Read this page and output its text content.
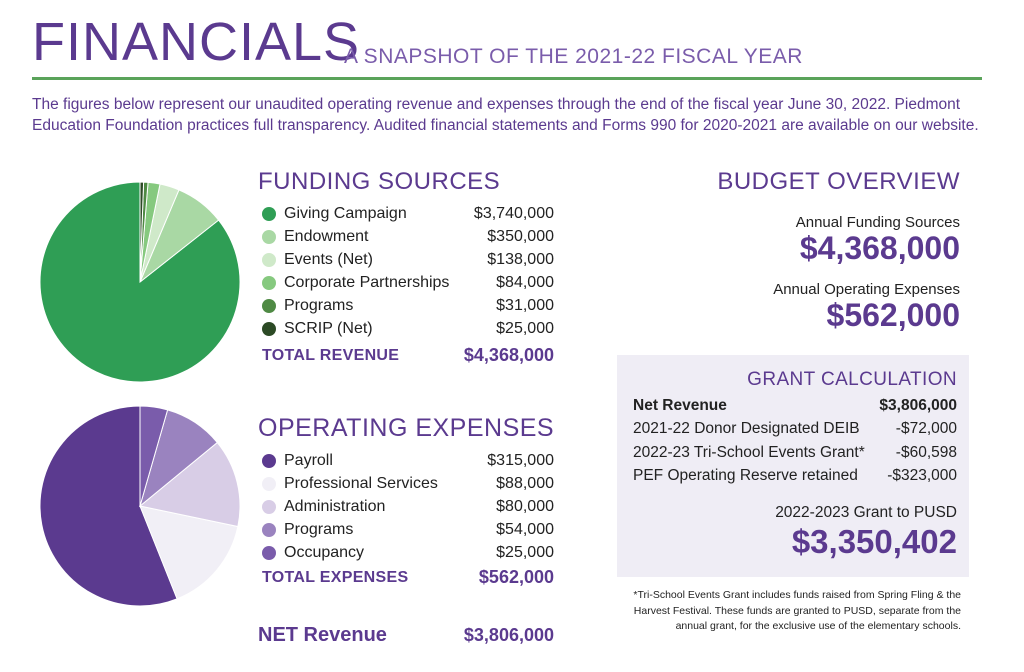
FINANCIALS
A SNAPSHOT OF THE 2021-22 FISCAL YEAR

The figures below represent our unaudited operating revenue and expenses through the end of the fiscal year June 30, 2022. Piedmont Education Foundation practices full transparency. Audited financial statements and Forms 990 for 2020-2021 are available on our website.

FUNDING SOURCES
Giving Campaign	$3,740,000
Endowment	$350,000
Events (Net)	$138,000
Corporate Partnerships	$84,000
Programs	$31,000
SCRIP (Net)	$25,000
TOTAL REVENUE	$4,368,000
OPERATING EXPENSES
Payroll	$315,000
Professional Services	$88,000
Administration	$80,000
Programs	$54,000
Occupancy	$25,000
TOTAL EXPENSES	$562,000
NET Revenue	$3,806,000
BUDGET OVERVIEW
Annual Funding Sources
$4,368,000
Annual Operating Expenses
$562,000
GRANT CALCULATION
Net Revenue	$3,806,000
2021-22 Donor Designated DEIB -$72,000
2022-23 Tri-School Events Grant* -$60,598
PEF Operating Reserve retained -$323,000
2022-2023 Grant to PUSD
$3,350,402
*Tri-School Events Grant includes funds raised from Spring Fling & the Harvest Festival. These funds are granted to PUSD, separate from the annual grant, for the exclusive use of the elementary schools.
